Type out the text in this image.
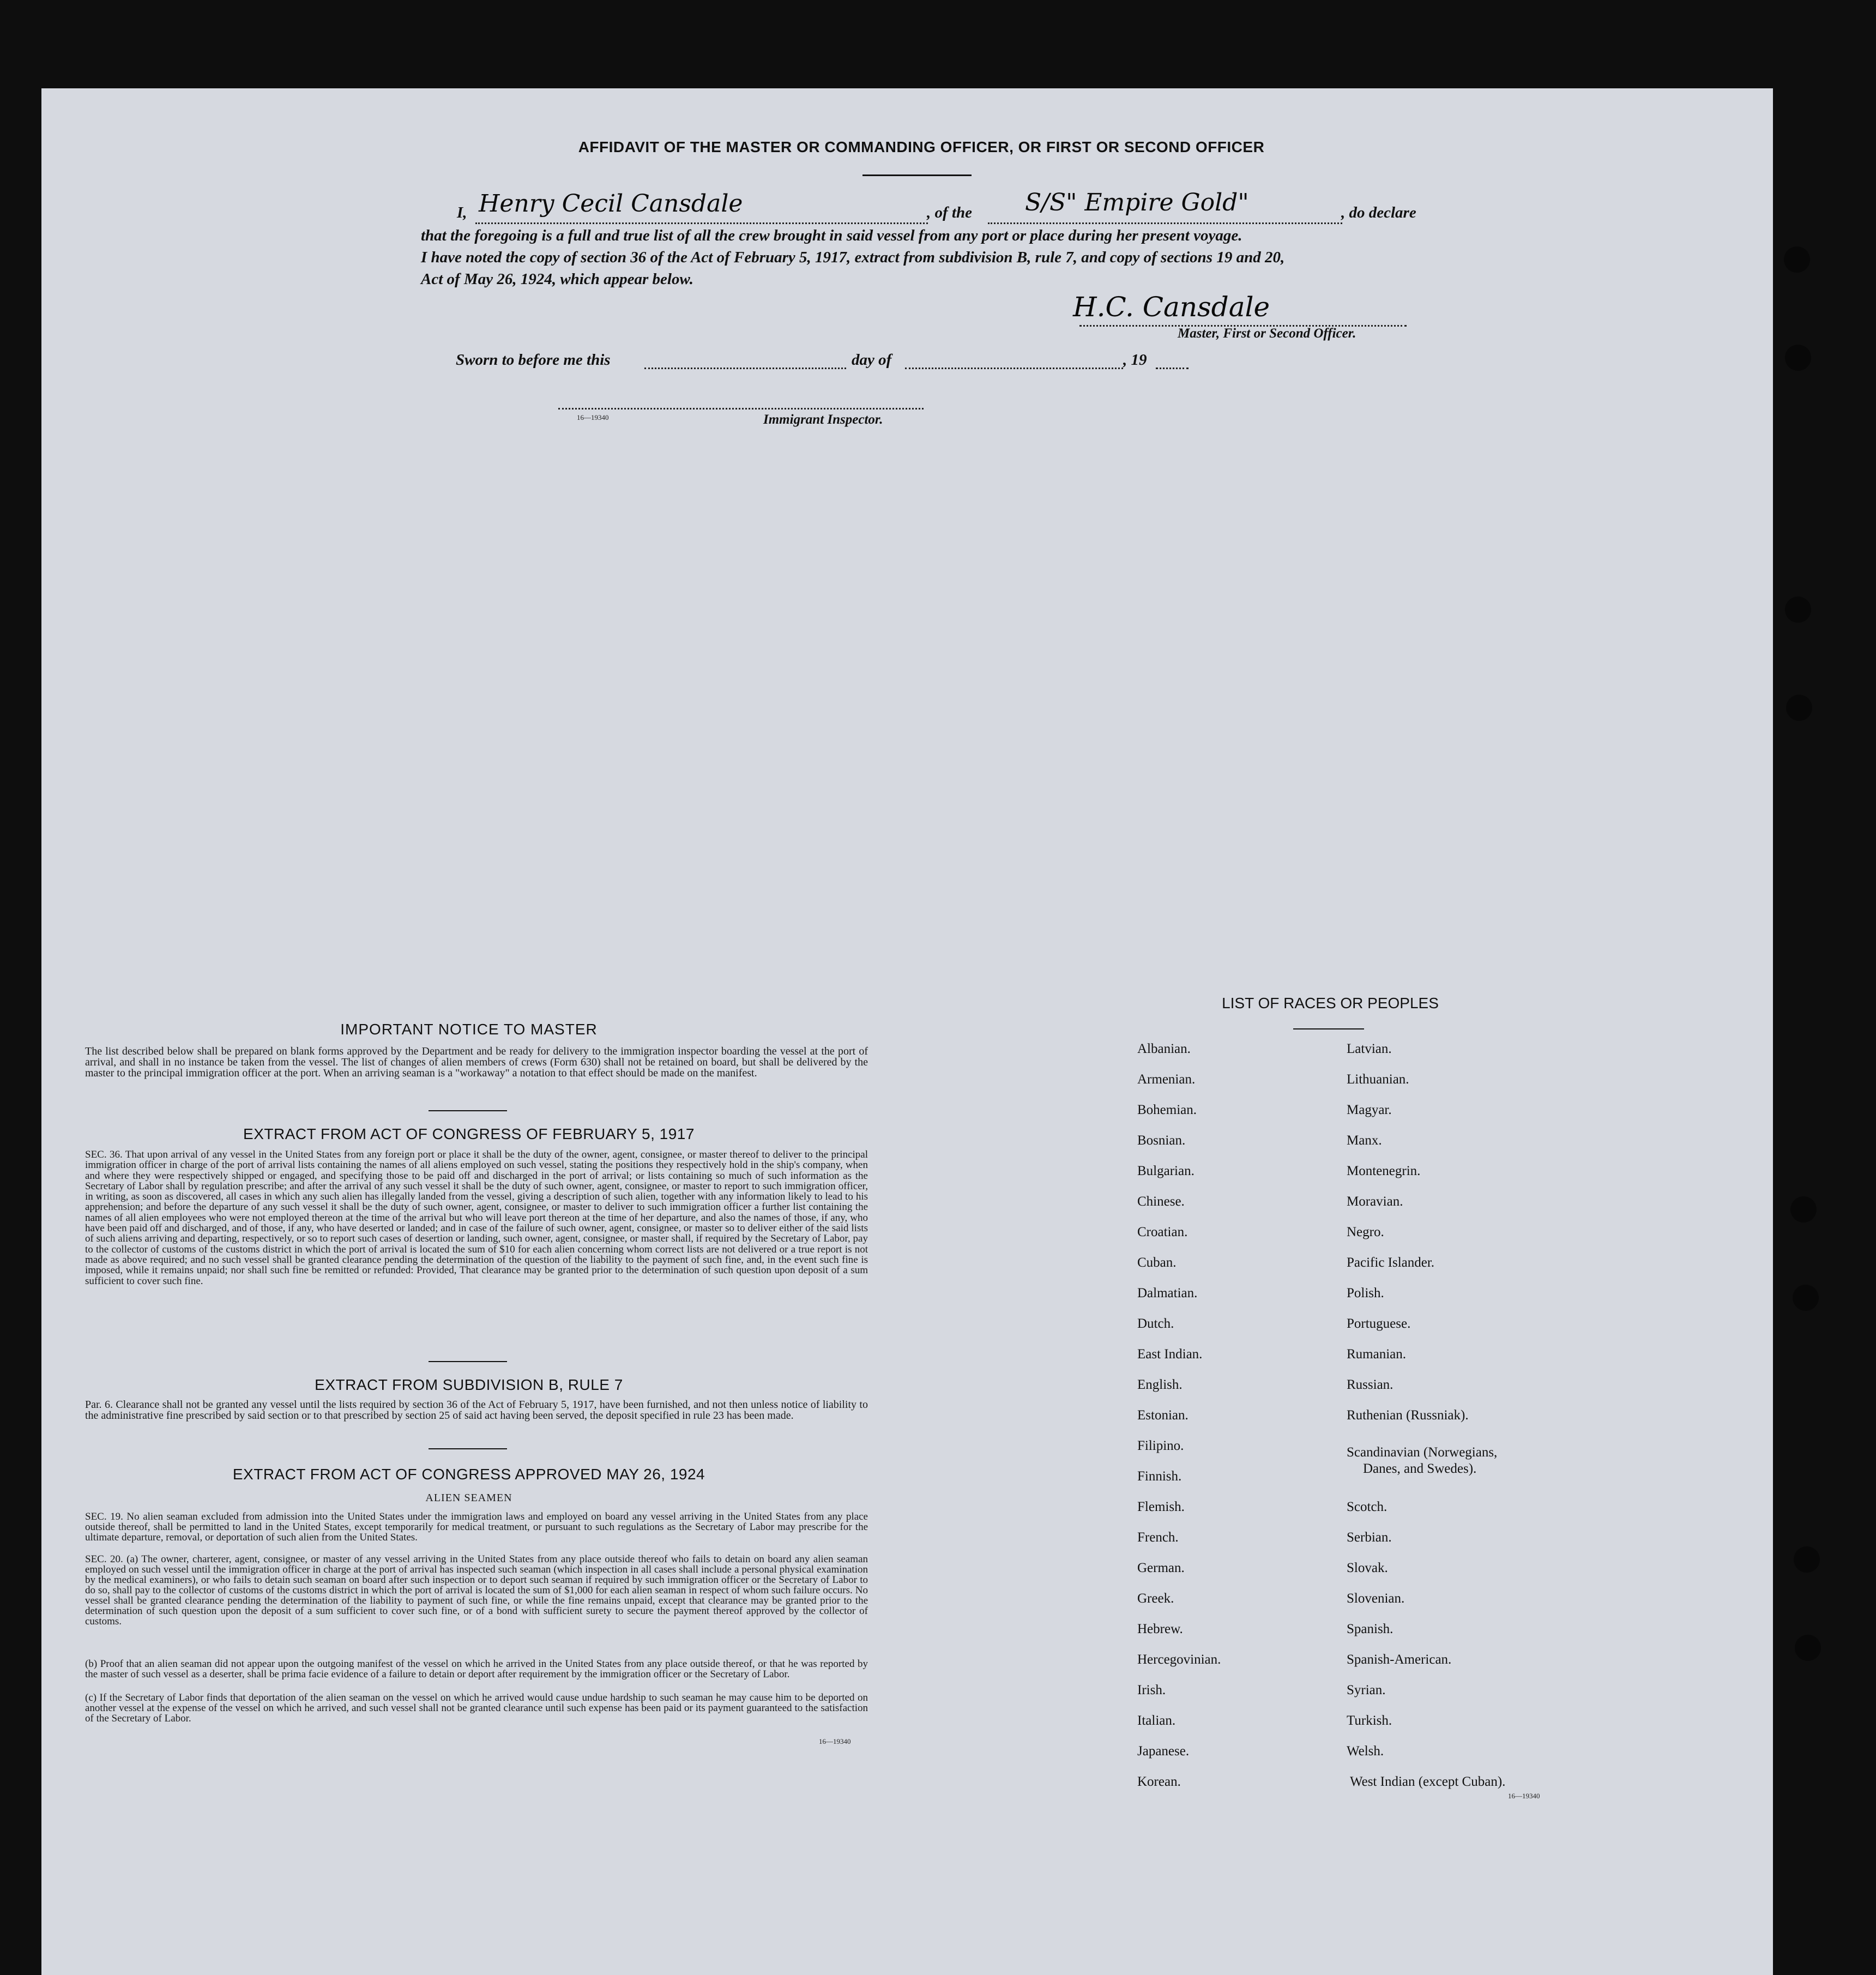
AFFIDAVIT OF THE MASTER OR COMMANDING OFFICER, OR FIRST OR SECOND OFFICER
I, Henry Cecil Cansdale	, of the S/S" Empire Gold"	, do declare
that the foregoing is a full and true list of all the crew brought in said vessel from any port or place during her present voyage.
I have noted the copy of section 36 of the Act of February 5, 1917, extract from subdivision B, rule 7, and copy of sections 19 and 20,
Act of May 26, 1924, which appear below.
H.C. Cansdale
Master, First or Second Officer.
Sworn to before me this	day of	, 19
16—19340	Immigrant Inspector.
IMPORTANT NOTICE TO MASTER
The list described below shall be prepared on blank forms approved by the Department and be ready for delivery to the immigration inspector boarding the vessel at the port of arrival, and shall in no instance be taken from the vessel. The list of changes of alien members of crews (Form 630) shall not be retained on board, but shall be delivered by the master to the principal immigration officer at the port. When an arriving seaman is a "workaway" a notation to that effect should be made on the manifest.
EXTRACT FROM ACT OF CONGRESS OF FEBRUARY 5, 1917
SEC. 36. That upon arrival of any vessel in the United States from any foreign port or place it shall be the duty of the owner, agent, consignee, or master thereof to deliver to the principal immigration officer in charge of the port of arrival lists containing the names of all aliens employed on such vessel, stating the positions they respectively hold in the ship's company, when and where they were respectively shipped or engaged, and specifying those to be paid off and discharged in the port of arrival; or lists containing so much of such information as the Secretary of Labor shall by regulation prescribe; and after the arrival of any such vessel it shall be the duty of such owner, agent, consignee, or master to report to such immigration officer, in writing, as soon as discovered, all cases in which any such alien has illegally landed from the vessel, giving a description of such alien, together with any information likely to lead to his apprehension; and before the departure of any such vessel it shall be the duty of such owner, agent, consignee, or master to deliver to such immigration officer a further list containing the names of all alien employees who were not employed thereon at the time of the arrival but who will leave port thereon at the time of her departure, and also the names of those, if any, who have been paid off and discharged, and of those, if any, who have deserted or landed; and in case of the failure of such owner, agent, consignee, or master so to deliver either of the said lists of such aliens arriving and departing, respectively, or so to report such cases of desertion or landing, such owner, agent, consignee, or master shall, if required by the Secretary of Labor, pay to the collector of customs of the customs district in which the port of arrival is located the sum of $10 for each alien concerning whom correct lists are not delivered or a true report is not made as above required; and no such vessel shall be granted clearance pending the determination of the question of the liability to the payment of such fine, and, in the event such fine is imposed, while it remains unpaid; nor shall such fine be remitted or refunded: Provided, That clearance may be granted prior to the determination of such question upon deposit of a sum sufficient to cover such fine.
EXTRACT FROM SUBDIVISION B, RULE 7
Par. 6. Clearance shall not be granted any vessel until the lists required by section 36 of the Act of February 5, 1917, have been furnished, and not then unless notice of liability to the administrative fine prescribed by said section or to that prescribed by section 25 of said act having been served, the deposit specified in rule 23 has been made.
EXTRACT FROM ACT OF CONGRESS APPROVED MAY 26, 1924
ALIEN SEAMEN
SEC. 19. No alien seaman excluded from admission into the United States under the immigration laws and employed on board any vessel arriving in the United States from any place outside thereof, shall be permitted to land in the United States, except temporarily for medical treatment, or pursuant to such regulations as the Secretary of Labor may prescribe for the ultimate departure, removal, or deportation of such alien from the United States.
SEC. 20. (a) The owner, charterer, agent, consignee, or master of any vessel arriving in the United States from any place outside thereof who fails to detain on board any alien seaman employed on such vessel until the immigration officer in charge at the port of arrival has inspected such seaman (which inspection in all cases shall include a personal physical examination by the medical examiners), or who fails to detain such seaman on board after such inspection or to deport such seaman if required by such immigration officer or the Secretary of Labor to do so, shall pay to the collector of customs of the customs district in which the port of arrival is located the sum of $1,000 for each alien seaman in respect of whom such failure occurs. No vessel shall be granted clearance pending the determination of the liability to payment of such fine, or while the fine remains unpaid, except that clearance may be granted prior to the determination of such question upon the deposit of a sum sufficient to cover such fine, or of a bond with sufficient surety to secure the payment thereof approved by the collector of customs.
(b) Proof that an alien seaman did not appear upon the outgoing manifest of the vessel on which he arrived in the United States from any place outside thereof, or that he was reported by the master of such vessel as a deserter, shall be prima facie evidence of a failure to detain or deport after requirement by the immigration officer or the Secretary of Labor.
(c) If the Secretary of Labor finds that deportation of the alien seaman on the vessel on which he arrived would cause undue hardship to such seaman he may cause him to be deported on another vessel at the expense of the vessel on which he arrived, and such vessel shall not be granted clearance until such expense has been paid or its payment guaranteed to the satisfaction of the Secretary of Labor.
16—19340
LIST OF RACES OR PEOPLES
Albanian.
Armenian.
Bohemian.
Bosnian.
Bulgarian.
Chinese.
Croatian.
Cuban.
Dalmatian.
Dutch.
East Indian.
English.
Estonian.
Filipino.
Finnish.
Flemish.
French.
German.
Greek.
Hebrew.
Hercegovinian.
Irish.
Italian.
Japanese.
Korean.
Latvian.
Lithuanian.
Magyar.
Manx.
Montenegrin.
Moravian.
Negro.
Pacific Islander.
Polish.
Portuguese.
Rumanian.
Russian.
Ruthenian (Russniak).
Scandinavian (Norwegians,
Danes, and Swedes).
Scotch.
Serbian.
Slovak.
Slovenian.
Spanish.
Spanish-American.
Syrian.
Turkish.
Welsh.
West Indian (except Cuban).
16—19340
